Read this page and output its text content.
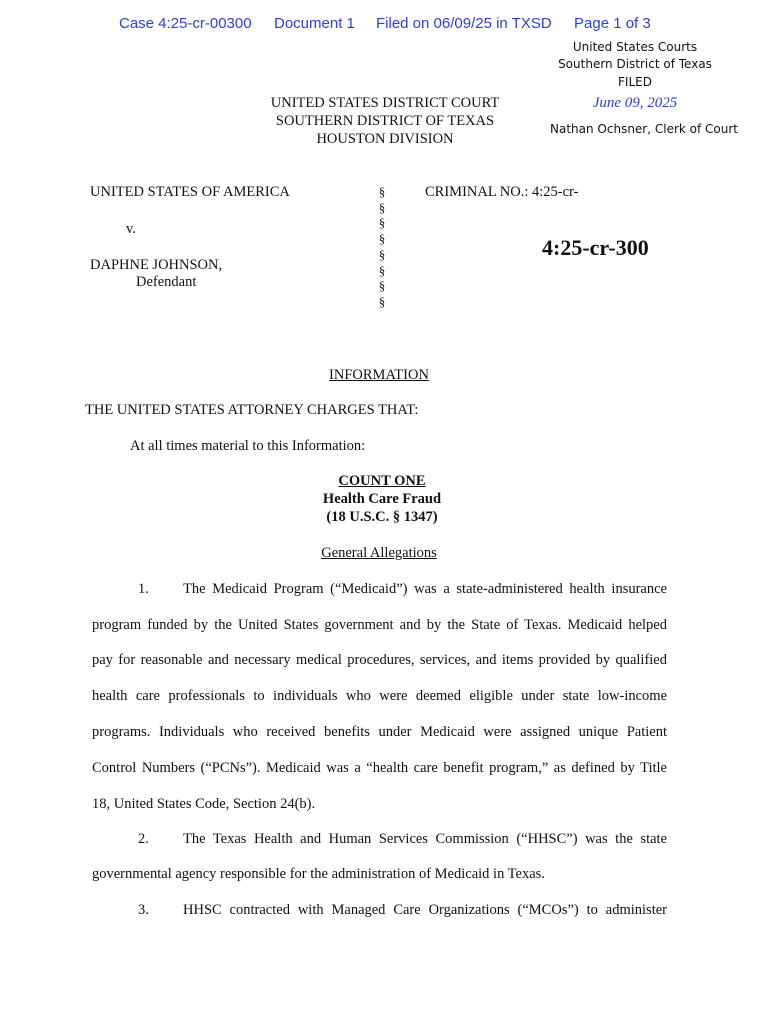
Case 4:25-cr-00300 Document 1 Filed on 06/09/25 in TXSD Page 1 of 3
United States Courts
Southern District of Texas
FILED
June 09, 2025
Nathan Ochsner, Clerk of Court
UNITED STATES DISTRICT COURT
SOUTHERN DISTRICT OF TEXAS
HOUSTON DIVISION
UNITED STATES OF AMERICA
v.
DAPHNE JOHNSON,
Defendant
§
§
§
§
§
§
§
§
CRIMINAL NO.: 4:25-cr-
4:25-cr-300
INFORMATION
THE UNITED STATES ATTORNEY CHARGES THAT:
At all times material to this Information:
COUNT ONE
Health Care Fraud
(18 U.S.C. § 1347)
General Allegations
1. The Medicaid Program (“Medicaid”) was a state-administered health insurance
program funded by the United States government and by the State of Texas. Medicaid helped
pay for reasonable and necessary medical procedures, services, and items provided by qualified
health care professionals to individuals who were deemed eligible under state low-income
programs. Individuals who received benefits under Medicaid were assigned unique Patient
Control Numbers (“PCNs”). Medicaid was a “health care benefit program,” as defined by Title
18, United States Code, Section 24(b).
2. The Texas Health and Human Services Commission (“HHSC”) was the state
governmental agency responsible for the administration of Medicaid in Texas.
3. HHSC contracted with Managed Care Organizations (“MCOs”) to administer
